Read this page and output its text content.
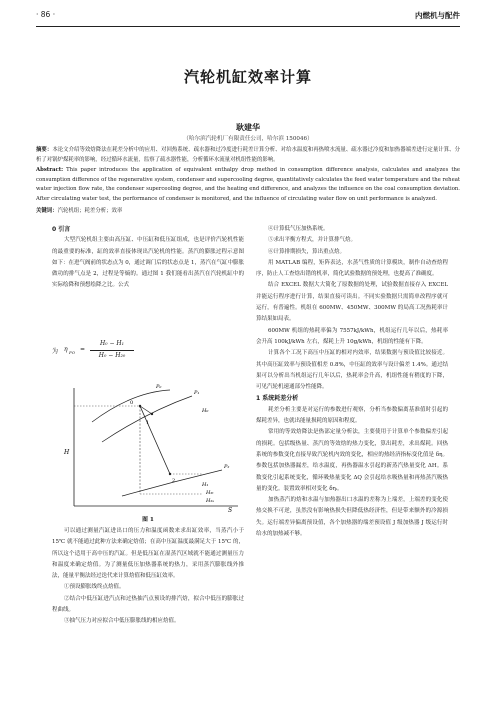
· 86 ·	内燃机与配件
汽轮机缸效率计算
耿建华
（哈尔滨汽轮机厂有限责任公司，哈尔滨 150046）
摘要：本论文介绍等效焓降法在耗差分析中的应用、对回热系统、疏水器和过冷度进行耗差计算分析、对给水温度和再热喷水流量、疏水器过冷度和加热器端差进行定量计算、分析了对锅炉煤耗率的影响，经过循环水流量，监察了疏水器性能，分析循环水流量对机组性能的影响。
Abstract: This paper introduces the application of equivalent enthalpy drop method in consumption difference analysis, calculates and analyzes the consumption difference of the regenerative system, condenser and supercooling degree, quantitatively calculates the feed water temperature and the reheat water injection flow rate, the condenser superceoling degree, and the heating end difference, and analyzes the influence on the coal consumption deviation. After circulating water test, the performance of condenser is monitored, and the influence of circulating water flow on unit performance is analyzed.
关键词：汽轮机组；耗差分析；效率

0 引言

大型汽轮机组主要由高压缸、中压缸和低压缸组成，也是评价汽轮机性能的最重要的标准，缸的效率直接体现出汽轮机的性能。蒸汽的膨胀过程示意图如下：在进气阀前的状态点为 0，通过调门后的状态点是 1，蒸汽在气缸中膨胀做功的排气点是 2，过程是等熵的。通过图 1 我们能看出蒸汽在汽轮机缸中的实际绘降和预想绘降之比。公式

为 η PO =
H₀ − H₁
H₀ − H₂₀
P₀
P₁
H₀
P₂
H₁
H₂ₜ
H₂ₛ
0
1
2
H
S
图 1

可以通过测量汽缸进出口的压力和温度函数来求出缸效率，当蒸汽小于 15℃ 就不能通过此种方法来确定焓值；在高中压缸温度最满足大于 15℃ 的，所以这个适用于高中压的汽缸。但是低压缸在湿蒸汽区域就不能通过测量压力和温度来确定焓值。为了测量低压加热器系统的热力，采用蒸汽膨胀线外推法，能量平衡法经过迭代来计算焓值和低压缸效率。

①预设膨胀线终点焓值。

②结合中低压缸进汽点和过热抽汽点预设的排汽焓，拟合中低压的膨胀过程曲线。

③抽气压力对应拟合中低压膨胀线的相应焓值。

④计算低气压加热系统。

⑤求出平衡方程式，并计算排气焓。

⑥计算排期损失，算出重点焓。

用 MATLAB 编程，矩阵表达，水蒸气性质的计算模块，制作自动查焓程序，防止人工查焓出错的机率，简化试验数据的预处理，也提高了准确度。

结合 EXCEL 数据大大简化了原数据的处理，试验数据直接存入 EXCEL 并能运行程序进行计算，结果直接可读出。不同实验数据只需简单改程序就可运行，有普遍性。机组在 600MW、450MW、300MW 的局高工况热耗率计算结果如局表。

600MW 机组的热耗率偏为 7557kJ/kWh，机组运行几年以后，热耗率会升高 100kJ/kWh 左右，煤耗上升 10g/kWh，机组的性能有下降。

计算各个工况下高压中压缸的相对内效率，结果数据与预设值比较接近。其中高压缸效率与预设值相差 0.8%，中压缸的效率与设计偏差 1.4%。通过结果可以分析出当机组运行几年以后，热耗率会升高，机组性能有稍度的下降，可见汽轮机速通部分性能降。

1 系统耗差分析

耗差分析主要是对运行的参数进行观察，分析当参数偏离基准值时引起的煤耗差异，也就出能量损耗的原因和程度。

常用的等效焓降法是热部定量分析法，主要使用于计算单个参数偏差引起的损耗。包括级热量、蒸汽的等效焓的热力变化，算出耗差，求出煤耗。回热系统的参数变化直接导致汽轮机内效的变化，相应的热经济指标变化值是 δη。参数包括加热器漏差，给水温度，再热器温水引起的新蒸汽热量变化 ΔH。系数变化引起系统变化，循环吸热量变化 ΔQ 会引起给水吸热量和再热蒸汽吸热量的变化。装置效率相对变化 δηᵢ。

加热蒸汽的焓和水温与加热器出口水温的差称为上端差，上端差的变化使热交换不可逆，虽然没有影响热损失但降低热经济性，但是带来额外的冷源损失。运行端差异偏离预设值，各个加热器的端差预设值 J 级加热器 J 级运行时给水的加热减不够。
